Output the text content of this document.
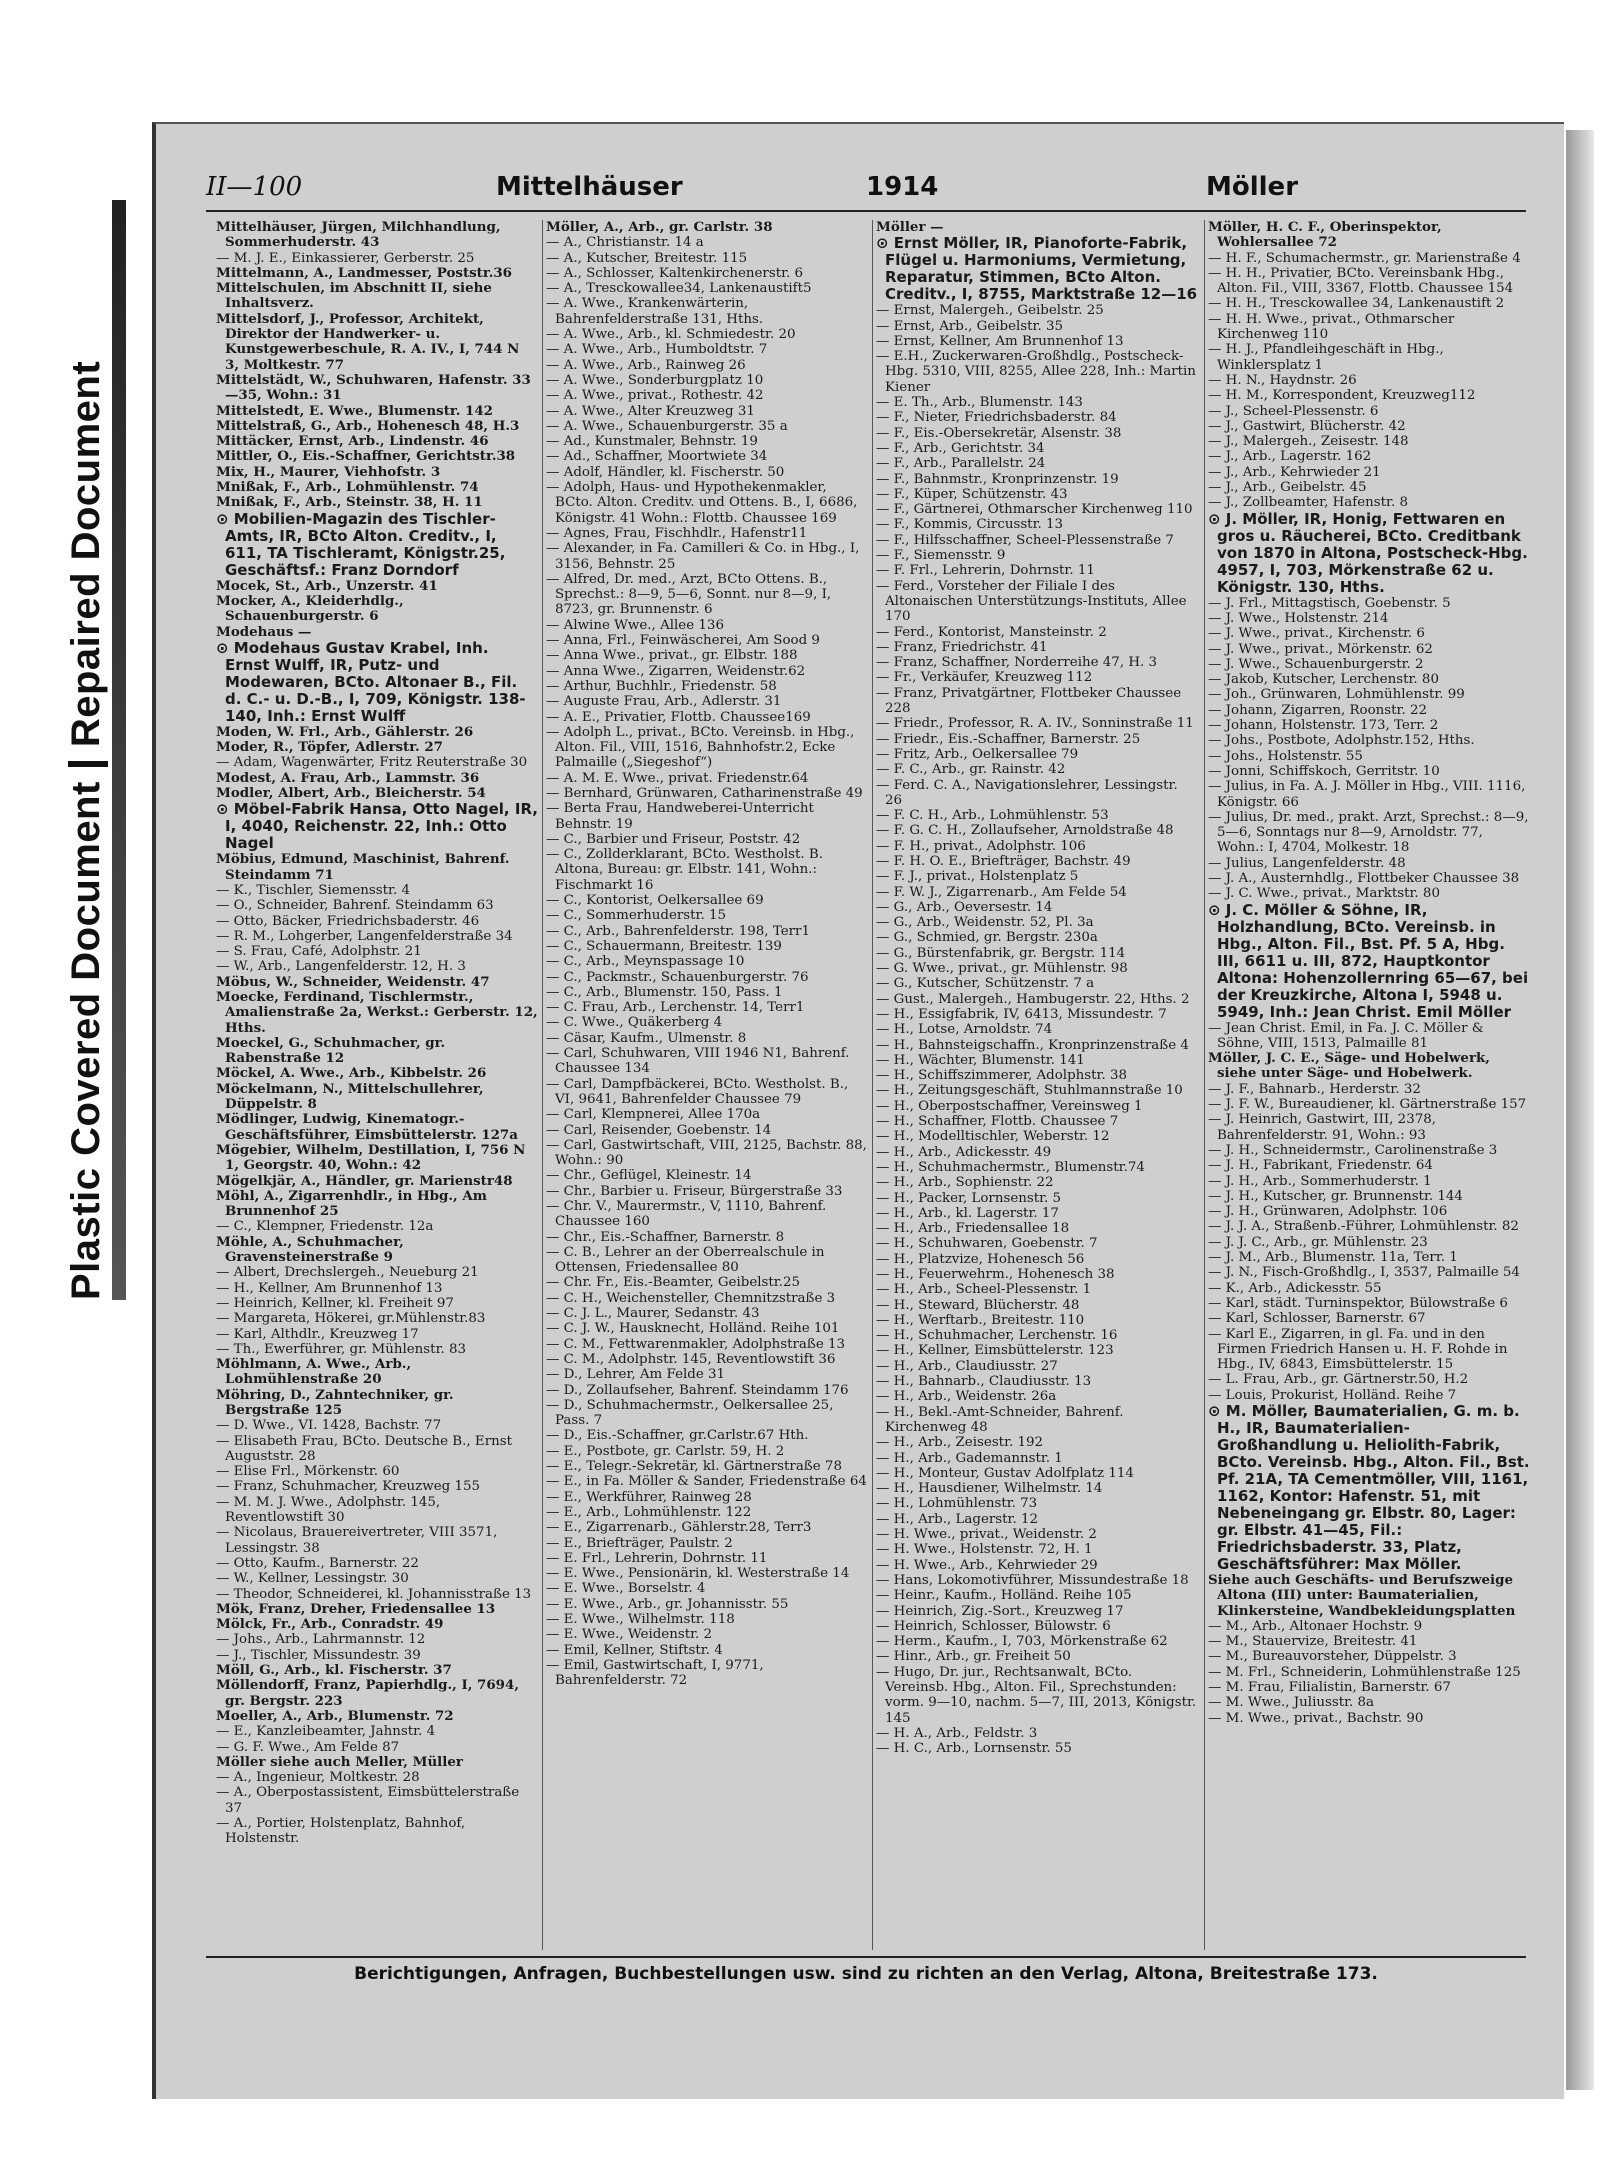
Plastic Covered DocumentRepaired Document
II—100	Mittelhäuser	1914	Möller
Mittelhäuser, Jürgen, Milchhandlung, Sommerhuderstr. 43
— M. J. E., Einkassierer, Gerberstr. 25
Mittelmann, A., Landmesser, Poststr.36
Mittelschulen, im Abschnitt II, siehe Inhaltsverz.
Mittelsdorf, J., Professor, Architekt, Direktor der Handwerker- u. Kunstgewerbeschule, R. A. IV., I, 744 N 3, Moltkestr. 77
Mittelstädt, W., Schuhwaren, Hafenstr. 33—35, Wohn.: 31
Mittelstedt, E. Wwe., Blumenstr. 142
Mittelstraß, G., Arb., Hohenesch 48, H.3
Mittäcker, Ernst, Arb., Lindenstr. 46
Mittler, O., Eis.-Schaffner, Gerichtstr.38
Mix, H., Maurer, Viehhofstr. 3
Mnißak, F., Arb., Lohmühlenstr. 74
Mnißak, F., Arb., Steinstr. 38, H. 11
⊙ Mobilien-Magazin des Tischler-Amts, IR, BCto Alton. Creditv., I, 611, TA Tischleramt, Königstr.25, Geschäftsf.: Franz Dorndorf
Mocek, St., Arb., Unzerstr. 41
Mocker, A., Kleiderhdlg., Schauenburgerstr. 6
Modehaus —
⊙ Modehaus Gustav Krabel, Inh. Ernst Wulff, IR, Putz- und Modewaren, BCto. Altonaer B., Fil. d. C.- u. D.-B., I, 709, Königstr. 138-140, Inh.: Ernst Wulff
Moden, W. Frl., Arb., Gählerstr. 26
Moder, R., Töpfer, Adlerstr. 27
— Adam, Wagenwärter, Fritz Reuterstraße 30
Modest, A. Frau, Arb., Lammstr. 36
Modler, Albert, Arb., Bleicherstr. 54
⊙ Möbel-Fabrik Hansa, Otto Nagel, IR, I, 4040, Reichenstr. 22, Inh.: Otto Nagel
Möbius, Edmund, Maschinist, Bahrenf. Steindamm 71
— K., Tischler, Siemensstr. 4
— O., Schneider, Bahrenf. Steindamm 63
— Otto, Bäcker, Friedrichsbaderstr. 46
— R. M., Lohgerber, Langenfelderstraße 34
— S. Frau, Café, Adolphstr. 21
— W., Arb., Langenfelderstr. 12, H. 3
Möbus, W., Schneider, Weidenstr. 47
Moecke, Ferdinand, Tischlermstr., Amalienstraße 2a, Werkst.: Gerberstr. 12, Hths.
Moeckel, G., Schuhmacher, gr. Rabenstraße 12
Möckel, A. Wwe., Arb., Kibbelstr. 26
Möckelmann, N., Mittelschullehrer, Düppelstr. 8
Mödlinger, Ludwig, Kinematogr.-Geschäftsführer, Eimsbüttelerstr. 127a
Mögebier, Wilhelm, Destillation, I, 756 N 1, Georgstr. 40, Wohn.: 42
Mögelkjär, A., Händler, gr. Marienstr48
Möhl, A., Zigarrenhdlr., in Hbg., Am Brunnenhof 25
— C., Klempner, Friedenstr. 12a
Möhle, A., Schuhmacher, Gravensteinerstraße 9
— Albert, Drechslergeh., Neueburg 21
— H., Kellner, Am Brunnenhof 13
— Heinrich, Kellner, kl. Freiheit 97
— Margareta, Hökerei, gr.Mühlenstr.83
— Karl, Althdlr., Kreuzweg 17
— Th., Ewerführer, gr. Mühlenstr. 83
Möhlmann, A. Wwe., Arb., Lohmühlenstraße 20
Möhring, D., Zahntechniker, gr. Bergstraße 125
— D. Wwe., VI. 1428, Bachstr. 77
— Elisabeth Frau, BCto. Deutsche B., Ernst Auguststr. 28
— Elise Frl., Mörkenstr. 60
— Franz, Schuhmacher, Kreuzweg 155
— M. M. J. Wwe., Adolphstr. 145, Reventlowstift 30
— Nicolaus, Brauereivertreter, VIII 3571, Lessingstr. 38
— Otto, Kaufm., Barnerstr. 22
— W., Kellner, Lessingstr. 30
— Theodor, Schneiderei, kl. Johannisstraße 13
Mök, Franz, Dreher, Friedensallee 13
Mölck, Fr., Arb., Conradstr. 49
— Johs., Arb., Lahrmannstr. 12
— J., Tischler, Missundestr. 39
Möll, G., Arb., kl. Fischerstr. 37
Möllendorff, Franz, Papierhdlg., I, 7694, gr. Bergstr. 223
Moeller, A., Arb., Blumenstr. 72
— E., Kanzleibeamter, Jahnstr. 4
— G. F. Wwe., Am Felde 87
Möller siehe auch Meller, Müller
— A., Ingenieur, Moltkestr. 28
— A., Oberpostassistent, Eimsbüttelerstraße 37
— A., Portier, Holstenplatz, Bahnhof, Holstenstr.
Möller, A., Arb., gr. Carlstr. 38
— A., Christianstr. 14 a
— A., Kutscher, Breitestr. 115
— A., Schlosser, Kaltenkirchenerstr. 6
— A., Tresckowallee34, Lankenaustift5
— A. Wwe., Krankenwärterin, Bahrenfelderstraße 131, Hths.
— A. Wwe., Arb., kl. Schmiedestr. 20
— A. Wwe., Arb., Humboldtstr. 7
— A. Wwe., Arb., Rainweg 26
— A. Wwe., Sonderburgplatz 10
— A. Wwe., privat., Rothestr. 42
— A. Wwe., Alter Kreuzweg 31
— A. Wwe., Schauenburgerstr. 35 a
— Ad., Kunstmaler, Behnstr. 19
— Ad., Schaffner, Moortwiete 34
— Adolf, Händler, kl. Fischerstr. 50
— Adolph, Haus- und Hypothekenmakler, BCto. Alton. Creditv. und Ottens. B., I, 6686, Königstr. 41 Wohn.: Flottb. Chaussee 169
— Agnes, Frau, Fischhdlr., Hafenstr11
— Alexander, in Fa. Camilleri & Co. in Hbg., I, 3156, Behnstr. 25
— Alfred, Dr. med., Arzt, BCto Ottens. B., Sprechst.: 8—9, 5—6, Sonnt. nur 8—9, I, 8723, gr. Brunnenstr. 6
— Alwine Wwe., Allee 136
— Anna, Frl., Feinwäscherei, Am Sood 9
— Anna Wwe., privat., gr. Elbstr. 188
— Anna Wwe., Zigarren, Weidenstr.62
— Arthur, Buchhlr., Friedenstr. 58
— Auguste Frau, Arb., Adlerstr. 31
— A. E., Privatier, Flottb. Chaussee169
— Adolph L., privat., BCto. Vereinsb. in Hbg., Alton. Fil., VIII, 1516, Bahnhofstr.2, Ecke Palmaille („Siegeshof“)
— A. M. E. Wwe., privat. Friedenstr.64
— Bernhard, Grünwaren, Catharinenstraße 49
— Berta Frau, Handweberei-Unterricht Behnstr. 19
— C., Barbier und Friseur, Poststr. 42
— C., Zollderklarant, BCto. Westholst. B. Altona, Bureau: gr. Elbstr. 141, Wohn.: Fischmarkt 16
— C., Kontorist, Oelkersallee 69
— C., Sommerhuderstr. 15
— C., Arb., Bahrenfelderstr. 198, Terr1
— C., Schauermann, Breitestr. 139
— C., Arb., Meynspassage 10
— C., Packmstr., Schauenburgerstr. 76
— C., Arb., Blumenstr. 150, Pass. 1
— C. Frau, Arb., Lerchenstr. 14, Terr1
— C. Wwe., Quäkerberg 4
— Cäsar, Kaufm., Ulmenstr. 8
— Carl, Schuhwaren, VIII 1946 N1, Bahrenf. Chaussee 134
— Carl, Dampfbäckerei, BCto. Westholst. B., VI, 9641, Bahrenfelder Chaussee 79
— Carl, Klempnerei, Allee 170a
— Carl, Reisender, Goebenstr. 14
— Carl, Gastwirtschaft, VIII, 2125, Bachstr. 88, Wohn.: 90
— Chr., Geflügel, Kleinestr. 14
— Chr., Barbier u. Friseur, Bürgerstraße 33
— Chr. V., Maurermstr., V, 1110, Bahrenf. Chaussee 160
— Chr., Eis.-Schaffner, Barnerstr. 8
— C. B., Lehrer an der Oberrealschule in Ottensen, Friedensallee 80
— Chr. Fr., Eis.-Beamter, Geibelstr.25
— C. H., Weichensteller, Chemnitzstraße 3
— C. J. L., Maurer, Sedanstr. 43
— C. J. W., Hausknecht, Holländ. Reihe 101
— C. M., Fettwarenmakler, Adolphstraße 13
— C. M., Adolphstr. 145, Reventlowstift 36
— D., Lehrer, Am Felde 31
— D., Zollaufseher, Bahrenf. Steindamm 176
— D., Schuhmachermstr., Oelkersallee 25, Pass. 7
— D., Eis.-Schaffner, gr.Carlstr.67 Hth.
— E., Postbote, gr. Carlstr. 59, H. 2
— E., Telegr.-Sekretär, kl. Gärtnerstraße 78
— E., in Fa. Möller & Sander, Friedenstraße 64
— E., Werkführer, Rainweg 28
— E., Arb., Lohmühlenstr. 122
— E., Zigarrenarb., Gählerstr.28, Terr3
— E., Briefträger, Paulstr. 2
— E. Frl., Lehrerin, Dohrnstr. 11
— E. Wwe., Pensionärin, kl. Westerstraße 14
— E. Wwe., Borselstr. 4
— E. Wwe., Arb., gr. Johannisstr. 55
— E. Wwe., Wilhelmstr. 118
— E. Wwe., Weidenstr. 2
— Emil, Kellner, Stiftstr. 4
— Emil, Gastwirtschaft, I, 9771, Bahrenfelderstr. 72
Möller —
⊙ Ernst Möller, IR, Pianoforte-Fabrik, Flügel u. Harmoniums, Vermietung, Reparatur, Stimmen, BCto Alton. Creditv., I, 8755, Marktstraße 12—16
— Ernst, Malergeh., Geibelstr. 25
— Ernst, Arb., Geibelstr. 35
— Ernst, Kellner, Am Brunnenhof 13
— E.H., Zuckerwaren-Großhdlg., Postscheck-Hbg. 5310, VIII, 8255, Allee 228, Inh.: Martin Kiener
— E. Th., Arb., Blumenstr. 143
— F., Nieter, Friedrichsbaderstr. 84
— F., Eis.-Obersekretär, Alsenstr. 38
— F., Arb., Gerichtstr. 34
— F., Arb., Parallelstr. 24
— F., Bahnmstr., Kronprinzenstr. 19
— F., Küper, Schützenstr. 43
— F., Gärtnerei, Othmarscher Kirchenweg 110
— F., Kommis, Circusstr. 13
— F., Hilfsschaffner, Scheel-Plessenstraße 7
— F., Siemensstr. 9
— F. Frl., Lehrerin, Dohrnstr. 11
— Ferd., Vorsteher der Filiale I des Altonaischen Unterstützungs-Instituts, Allee 170
— Ferd., Kontorist, Mansteinstr. 2
— Franz, Friedrichstr. 41
— Franz, Schaffner, Norderreihe 47, H. 3
— Fr., Verkäufer, Kreuzweg 112
— Franz, Privatgärtner, Flottbeker Chaussee 228
— Friedr., Professor, R. A. IV., Sonninstraße 11
— Friedr., Eis.-Schaffner, Barnerstr. 25
— Fritz, Arb., Oelkersallee 79
— F. C., Arb., gr. Rainstr. 42
— Ferd. C. A., Navigationslehrer, Lessingstr. 26
— F. C. H., Arb., Lohmühlenstr. 53
— F. G. C. H., Zollaufseher, Arnoldstraße 48
— F. H., privat., Adolphstr. 106
— F. H. O. E., Briefträger, Bachstr. 49
— F. J., privat., Holstenplatz 5
— F. W. J., Zigarrenarb., Am Felde 54
— G., Arb., Oeversestr. 14
— G., Arb., Weidenstr. 52, Pl. 3a
— G., Schmied, gr. Bergstr. 230a
— G., Bürstenfabrik, gr. Bergstr. 114
— G. Wwe., privat., gr. Mühlenstr. 98
— G., Kutscher, Schützenstr. 7 a
— Gust., Malergeh., Hambugerstr. 22, Hths. 2
— H., Essigfabrik, IV, 6413, Missundestr. 7
— H., Lotse, Arnoldstr. 74
— H., Bahnsteigschaffn., Kronprinzenstraße 4
— H., Wächter, Blumenstr. 141
— H., Schiffszimmerer, Adolphstr. 38
— H., Zeitungsgeschäft, Stuhlmannstraße 10
— H., Oberpostschaffner, Vereinsweg 1
— H., Schaffner, Flottb. Chaussee 7
— H., Modelltischler, Weberstr. 12
— H., Arb., Adickesstr. 49
— H., Schuhmachermstr., Blumenstr.74
— H., Arb., Sophienstr. 22
— H., Packer, Lornsenstr. 5
— H., Arb., kl. Lagerstr. 17
— H., Arb., Friedensallee 18
— H., Schuhwaren, Goebenstr. 7
— H., Platzvize, Hohenesch 56
— H., Feuerwehrm., Hohenesch 38
— H., Arb., Scheel-Plessenstr. 1
— H., Steward, Blücherstr. 48
— H., Werftarb., Breitestr. 110
— H., Schuhmacher, Lerchenstr. 16
— H., Kellner, Eimsbüttelerstr. 123
— H., Arb., Claudiusstr. 27
— H., Bahnarb., Claudiusstr. 13
— H., Arb., Weidenstr. 26a
— H., Bekl.-Amt-Schneider, Bahrenf. Kirchenweg 48
— H., Arb., Zeisestr. 192
— H., Arb., Gademannstr. 1
— H., Monteur, Gustav Adolfplatz 114
— H., Hausdiener, Wilhelmstr. 14
— H., Lohmühlenstr. 73
— H., Arb., Lagerstr. 12
— H. Wwe., privat., Weidenstr. 2
— H. Wwe., Holstenstr. 72, H. 1
— H. Wwe., Arb., Kehrwieder 29
— Hans, Lokomotivführer, Missundestraße 18
— Heinr., Kaufm., Holländ. Reihe 105
— Heinrich, Zig.-Sort., Kreuzweg 17
— Heinrich, Schlosser, Bülowstr. 6
— Herm., Kaufm., I, 703, Mörkenstraße 62
— Hinr., Arb., gr. Freiheit 50
— Hugo, Dr. jur., Rechtsanwalt, BCto. Vereinsb. Hbg., Alton. Fil., Sprechstunden: vorm. 9—10, nachm. 5—7, III, 2013, Königstr. 145
— H. A., Arb., Feldstr. 3
— H. C., Arb., Lornsenstr. 55
Möller, H. C. F., Oberinspektor, Wohlersallee 72
— H. F., Schumachermstr., gr. Marienstraße 4
— H. H., Privatier, BCto. Vereinsbank Hbg., Alton. Fil., VIII, 3367, Flottb. Chaussee 154
— H. H., Tresckowallee 34, Lankenaustift 2
— H. H. Wwe., privat., Othmarscher Kirchenweg 110
— H. J., Pfandleihgeschäft in Hbg., Winklersplatz 1
— H. N., Haydnstr. 26
— H. M., Korrespondent, Kreuzweg112
— J., Scheel-Plessenstr. 6
— J., Gastwirt, Blücherstr. 42
— J., Malergeh., Zeisestr. 148
— J., Arb., Lagerstr. 162
— J., Arb., Kehrwieder 21
— J., Arb., Geibelstr. 45
— J., Zollbeamter, Hafenstr. 8
⊙ J. Möller, IR, Honig, Fettwaren en gros u. Räucherei, BCto. Creditbank von 1870 in Altona, Postscheck-Hbg. 4957, I, 703, Mörkenstraße 62 u. Königstr. 130, Hths.
— J. Frl., Mittagstisch, Goebenstr. 5
— J. Wwe., Holstenstr. 214
— J. Wwe., privat., Kirchenstr. 6
— J. Wwe., privat., Mörkenstr. 62
— J. Wwe., Schauenburgerstr. 2
— Jakob, Kutscher, Lerchenstr. 80
— Joh., Grünwaren, Lohmühlenstr. 99
— Johann, Zigarren, Roonstr. 22
— Johann, Holstenstr. 173, Terr. 2
— Johs., Postbote, Adolphstr.152, Hths.
— Johs., Holstenstr. 55
— Jonni, Schiffskoch, Gerritstr. 10
— Julius, in Fa. A. J. Möller in Hbg., VIII. 1116, Königstr. 66
— Julius, Dr. med., prakt. Arzt, Sprechst.: 8—9, 5—6, Sonntags nur 8—9, Arnoldstr. 77, Wohn.: I, 4704, Molkestr. 18
— Julius, Langenfelderstr. 48
— J. A., Austernhdlg., Flottbeker Chaussee 38
— J. C. Wwe., privat., Marktstr. 80
⊙ J. C. Möller & Söhne, IR, Holzhandlung, BCto. Vereinsb. in Hbg., Alton. Fil., Bst. Pf. 5 A, Hbg. III, 6611 u. III, 872, Hauptkontor Altona: Hohenzollernring 65—67, bei der Kreuzkirche, Altona I, 5948 u. 5949, Inh.: Jean Christ. Emil Möller
— Jean Christ. Emil, in Fa. J. C. Möller & Söhne, VIII, 1513, Palmaille 81
Möller, J. C. E., Säge- und Hobelwerk, siehe unter Säge- und Hobelwerk.
— J. F., Bahnarb., Herderstr. 32
— J. F. W., Bureaudiener, kl. Gärtnerstraße 157
— J. Heinrich, Gastwirt, III, 2378, Bahrenfelderstr. 91, Wohn.: 93
— J. H., Schneidermstr., Carolinenstraße 3
— J. H., Fabrikant, Friedenstr. 64
— J. H., Arb., Sommerhuderstr. 1
— J. H., Kutscher, gr. Brunnenstr. 144
— J. H., Grünwaren, Adolphstr. 106
— J. J. A., Straßenb.-Führer, Lohmühlenstr. 82
— J. J. C., Arb., gr. Mühlenstr. 23
— J. M., Arb., Blumenstr. 11a, Terr. 1
— J. N., Fisch-Großhdlg., I, 3537, Palmaille 54
— K., Arb., Adickesstr. 55
— Karl, städt. Turninspektor, Bülowstraße 6
— Karl, Schlosser, Barnerstr. 67
— Karl E., Zigarren, in gl. Fa. und in den Firmen Friedrich Hansen u. H. F. Rohde in Hbg., IV, 6843, Eimsbüttelerstr. 15
— L. Frau, Arb., gr. Gärtnerstr.50, H.2
— Louis, Prokurist, Holländ. Reihe 7
⊙ M. Möller, Baumaterialien, G. m. b. H., IR, Baumaterialien-Großhandlung u. Heliolith-Fabrik, BCto. Vereinsb. Hbg., Alton. Fil., Bst. Pf. 21A, TA Cementmöller, VIII, 1161, 1162, Kontor: Hafenstr. 51, mit Nebeneingang gr. Elbstr. 80, Lager: gr. Elbstr. 41—45, Fil.: Friedrichsbaderstr. 33, Platz, Geschäftsführer: Max Möller.
Siehe auch Geschäfts- und Berufszweige Altona (III) unter: Baumaterialien, Klinkersteine, Wandbekleidungsplatten
— M., Arb., Altonaer Hochstr. 9
— M., Stauervize, Breitestr. 41
— M., Bureauvorsteher, Düppelstr. 3
— M. Frl., Schneiderin, Lohmühlenstraße 125
— M. Frau, Filialistin, Barnerstr. 67
— M. Wwe., Juliusstr. 8a
— M. Wwe., privat., Bachstr. 90
Berichtigungen, Anfragen, Buchbestellungen usw. sind zu richten an den Verlag, Altona, Breitestraße 173.
